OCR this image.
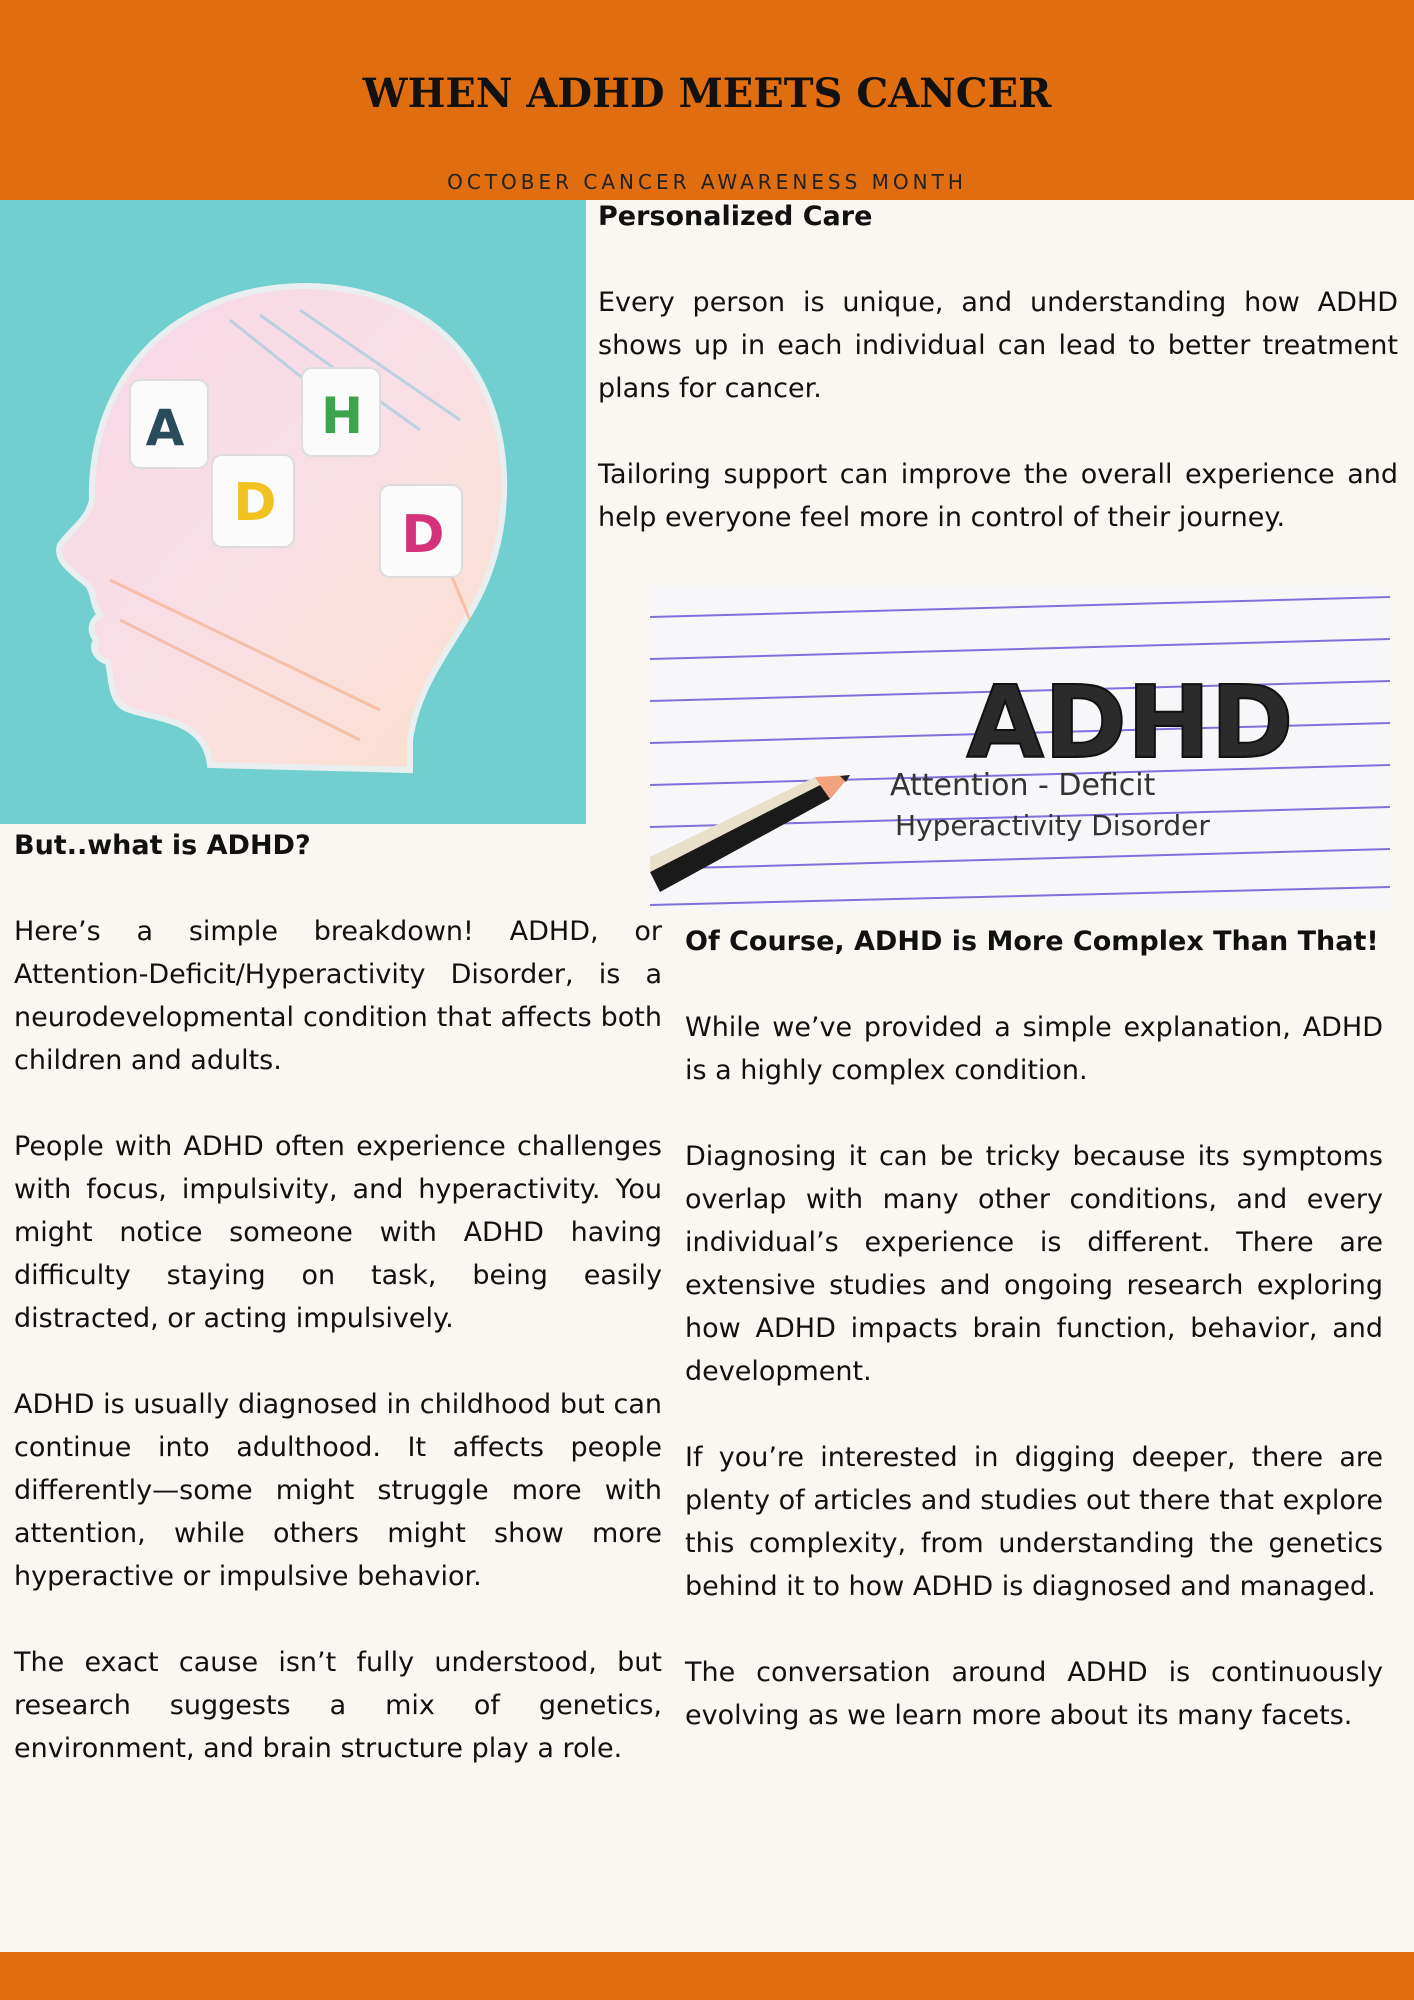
WHEN ADHD MEETS CANCER
OCTOBER CANCER AWARENESS MONTH
A	H
D
D
Personalized Care

Every person is unique, and understanding how ADHD shows up in each individual can lead to better treatment plans for cancer.

Tailoring support can improve the overall experience and help everyone feel more in control of their journey.

ADHD
Attention - Deficit
Hyperactivity Disorder
But..what is ADHD?

Here’s a simple breakdown! ADHD, or Attention-Deficit/Hyperactivity Disorder, is a neurodevelopmental condition that affects both children and adults.

People with ADHD often experience challenges with focus, impulsivity, and hyperactivity. You might notice someone with ADHD having difficulty staying on task, being easily distracted, or acting impulsively.

ADHD is usually diagnosed in childhood but can continue into adulthood. It affects people differently—some might struggle more with attention, while others might show more hyperactive or impulsive behavior.

The exact cause isn’t fully understood, but research suggests a mix of genetics, environment, and brain structure play a role.

Of Course, ADHD is More Complex Than That!

While we’ve provided a simple explanation, ADHD is a highly complex condition.

Diagnosing it can be tricky because its symptoms overlap with many other conditions, and every individual’s experience is different. There are extensive studies and ongoing research exploring how ADHD impacts brain function, behavior, and development.

If you’re interested in digging deeper, there are plenty of articles and studies out there that explore this complexity, from understanding the genetics behind it to how ADHD is diagnosed and managed.

The conversation around ADHD is continuously evolving as we learn more about its many facets.
